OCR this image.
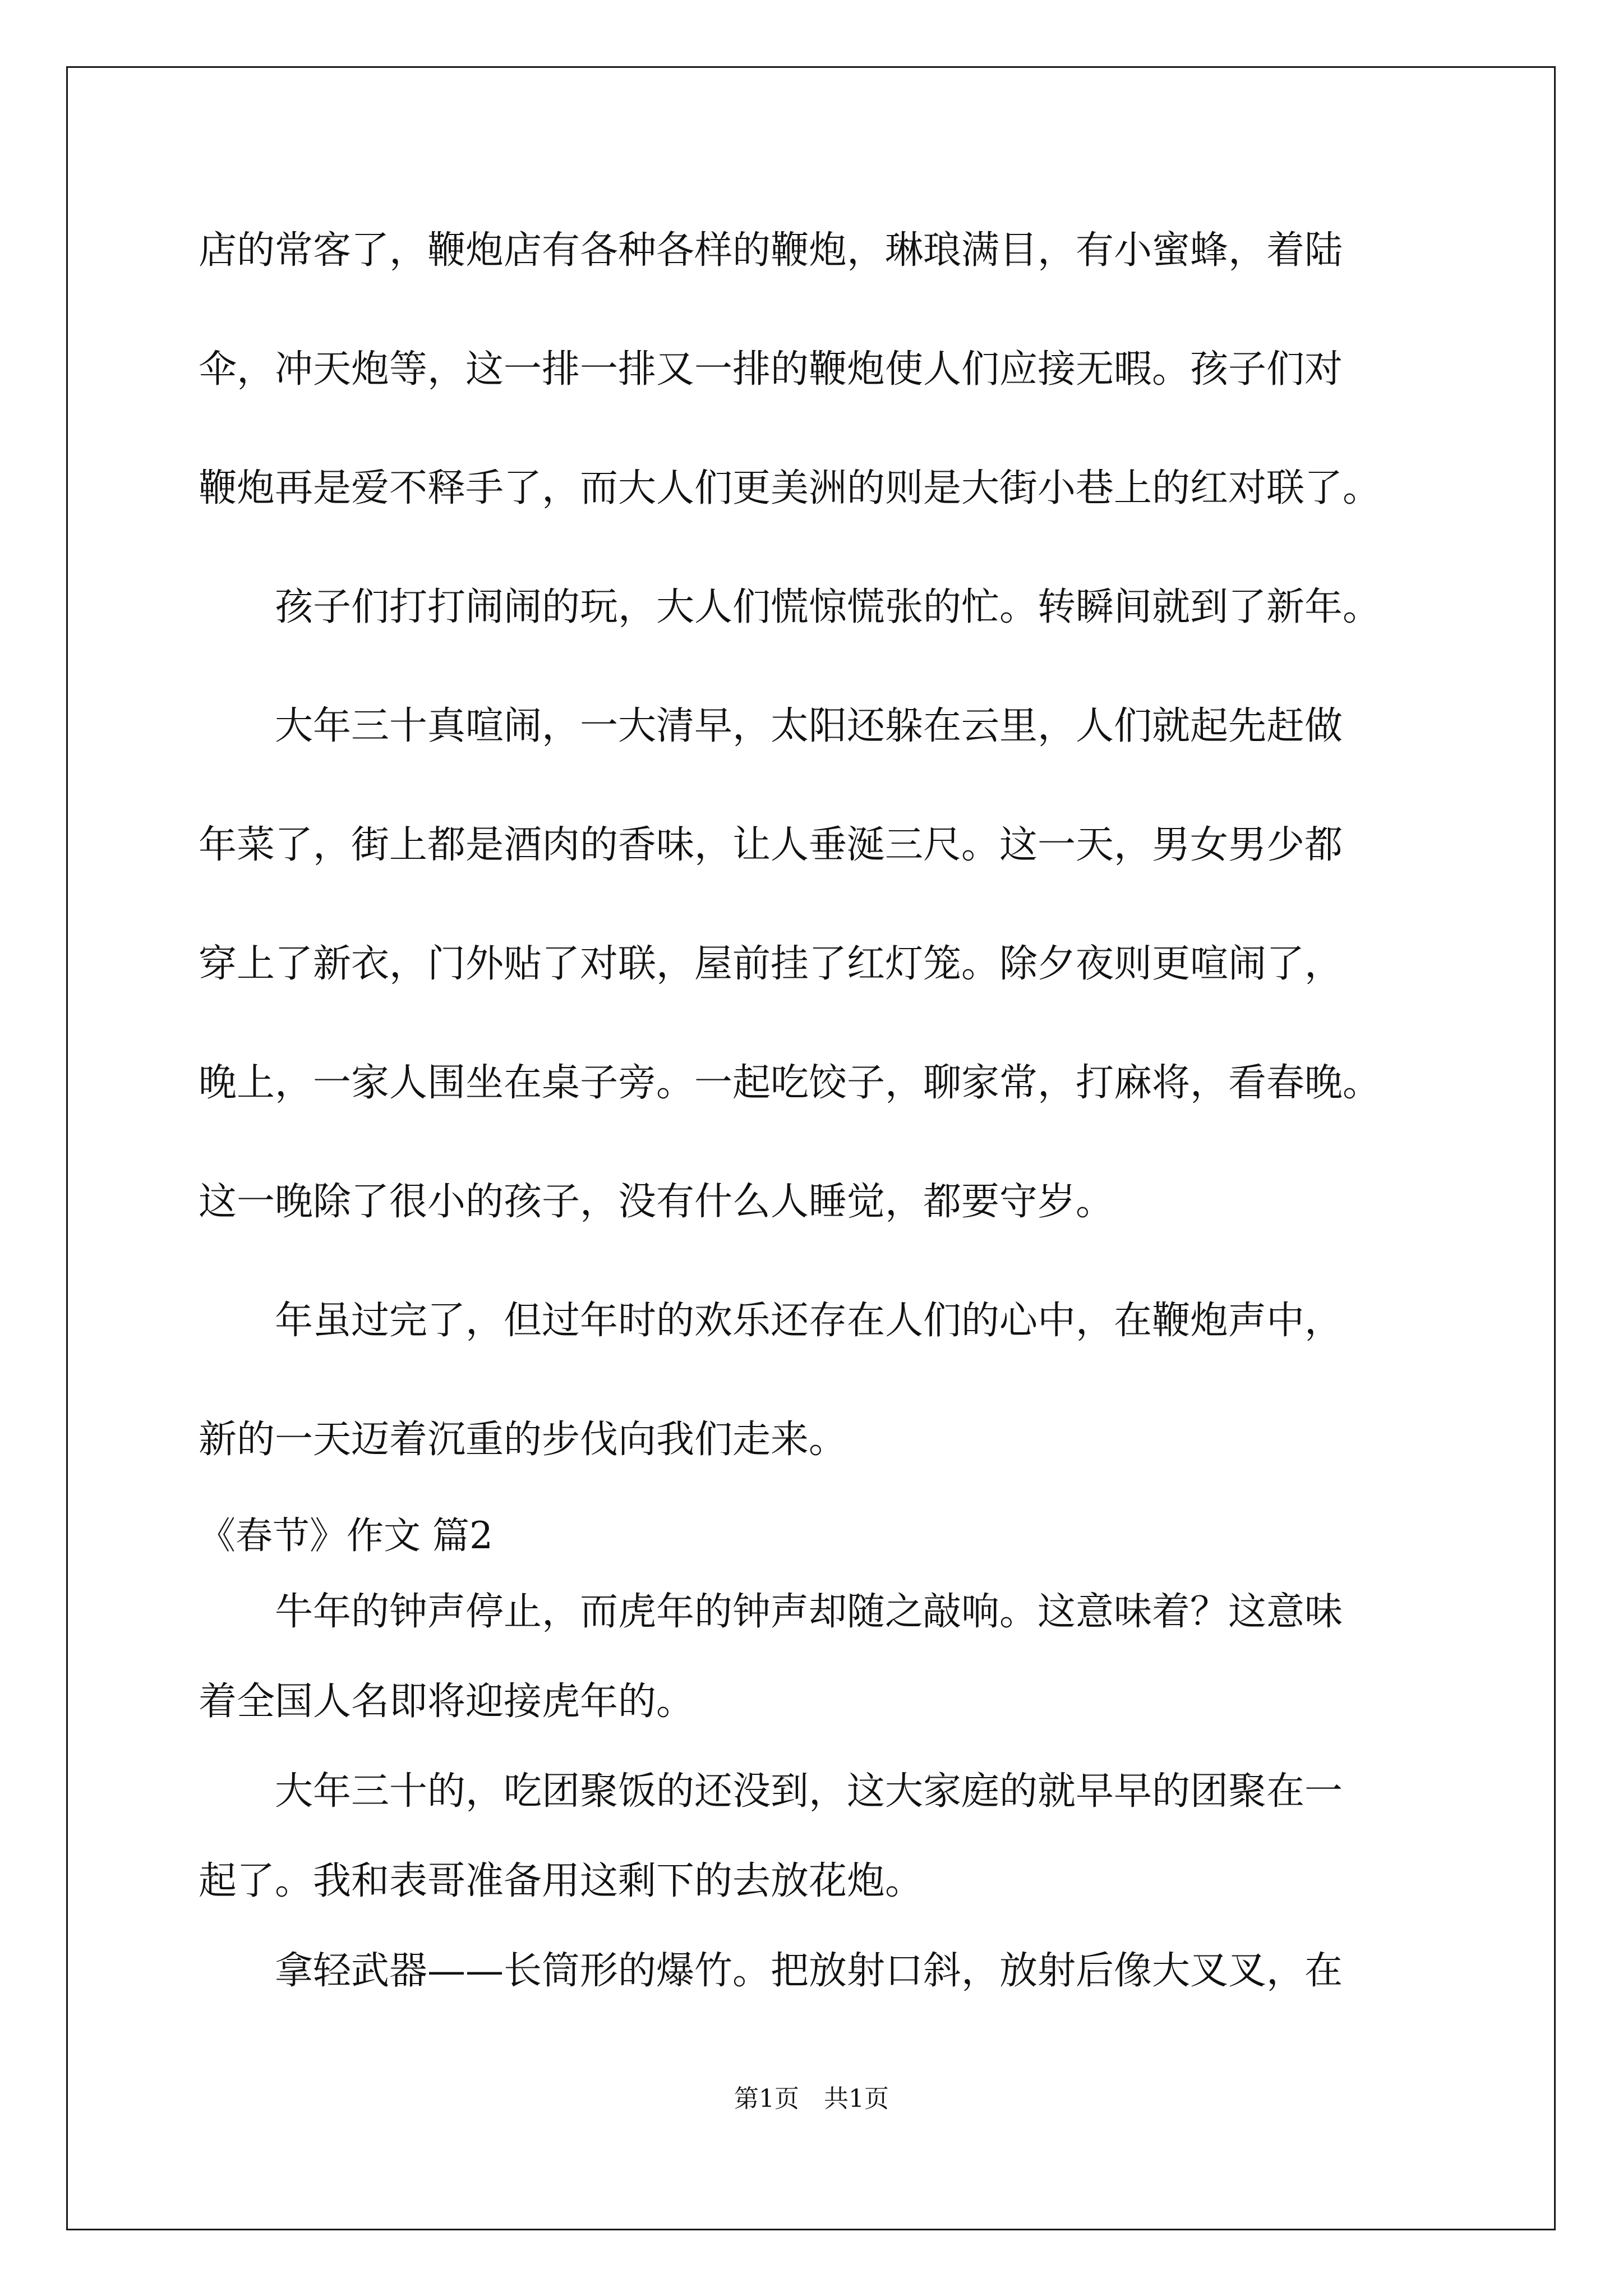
店的常客了，鞭炮店有各种各样的鞭炮，琳琅满目，有小蜜蜂，着陆
伞，冲天炮等，这一排一排又一排的鞭炮使人们应接无暇。孩子们对
鞭炮再是爱不释手了，而大人们更美洲的则是大街小巷上的红对联了。
　　孩子们打打闹闹的玩，大人们慌惊慌张的忙。转瞬间就到了新年。
　　大年三十真喧闹，一大清早，太阳还躲在云里，人们就起先赶做
年菜了，街上都是酒肉的香味，让人垂涎三尺。这一天，男女男少都
穿上了新衣，门外贴了对联，屋前挂了红灯笼。除夕夜则更喧闹了，
晚上，一家人围坐在桌子旁。一起吃饺子，聊家常，打麻将，看春晚。
这一晚除了很小的孩子，没有什么人睡觉，都要守岁。
　　年虽过完了，但过年时的欢乐还存在人们的心中，在鞭炮声中，
新的一天迈着沉重的步伐向我们走来。
《春节》作文 篇2
　　牛年的钟声停止，而虎年的钟声却随之敲响。这意味着？这意味
着全国人名即将迎接虎年的。
　　大年三十的，吃团聚饭的还没到，这大家庭的就早早的团聚在一
起了。我和表哥准备用这剩下的去放花炮。
第1页　共1页
　　拿轻武器——长筒形的爆竹。把放射口斜，放射后像大叉叉，在
